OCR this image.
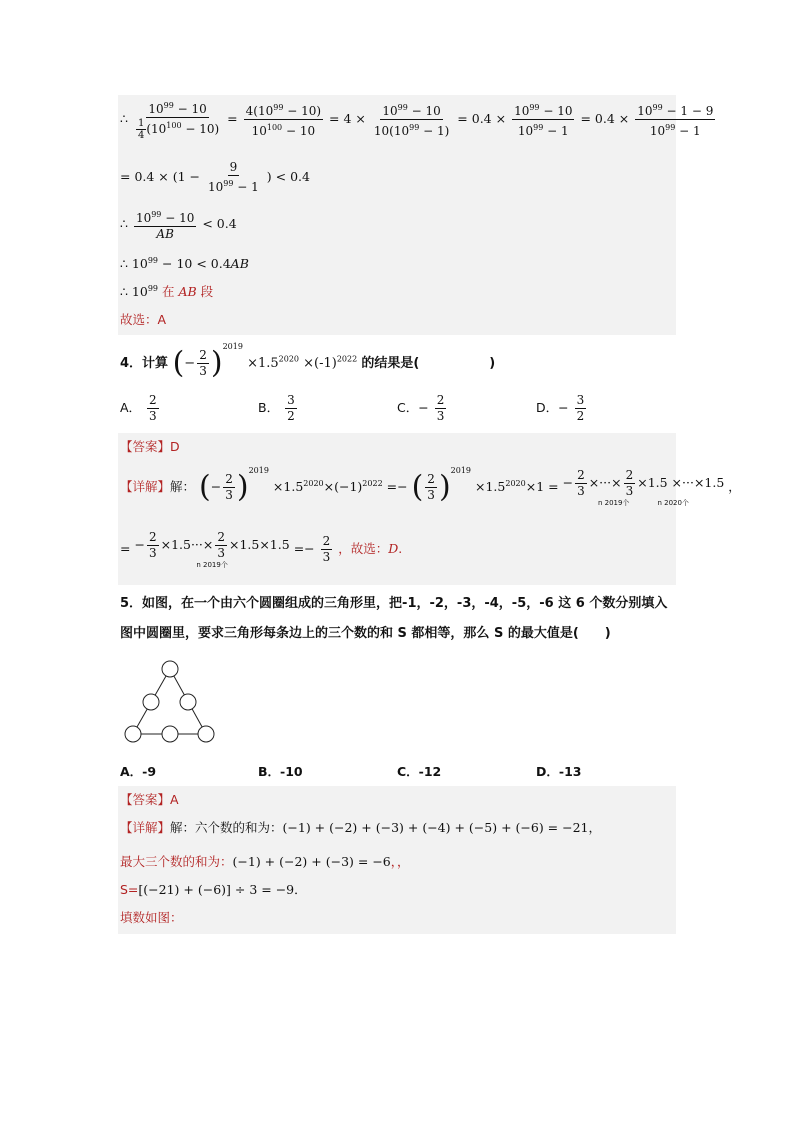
∴ $\frac{10^{99} - 10}{\frac{1}{4} (10^{100} - 10)} = \frac{4(10^{99} - 10)}{10^{100} - 10} = 4 \times \frac{10^{99} - 10}{10(10^{99} - 1)} = 0.4 \times \frac{10^{99} - 10}{10^{99} - 1} = 0.4 \times \frac{10^{99} - 1 - 9}{10^{99} - 1}$
= $0.4 \times (1 - \frac{9}{10^{99} - 1}$ ) < 0.4
∴ $\frac{10^{99} - 10}{AB} < 0.4$
∴ $10^{99} - 10 < 0.4AB$
∴ $10^{99}$ 在 AB 段
故选：A
4．计算 (− $\frac{2}{3} )^{2019} \times 1.5^{2020} \times(-1)^{2022}$ 的结果是(	)
A． $\frac{2}{3}$	B． $\frac{3}{2}$	C．− $\frac{2}{3}$	D．− $\frac{3}{2}$
【答案】D
【详解】解： (− $\frac{2}{3} )^{2019} \times 1.5^{2020}\times(-1)^{2022}$ =− ( $\frac{2}{3} )^{2019} \times 1.5^{2020}\times 1$ = − $\frac{2}{3}$ ×···× $\frac{2}{3} \times 1.5 \times\cdot\cdot\cdot\times 1.5$
n 2019个　　　　	n 2020个
，
= − $\frac{2}{3} \times 1.5\cdot\cdot\cdot\times \frac{2}{3} \times 1.5\times 1.5$
n 2019个
=− $\frac{2}{3}$ ，故选：D.
5．如图，在一个由六个圆圈组成的三角形里，把-1，-2，-3，-4，-5，-6 这 6 个数分别填入
图中圆圈里，要求三角形每条边上的三个数的和 S 都相等，那么 S 的最大值是(　　)
A．-9	B．-10	C．-12	D．-13
【答案】A
【详解】解：六个数的和为：(−1) + (−2) + (−3) + (−4) + (−5) + (−6) = −21，
最大三个数的和为：(−1) + (−2) + (−3) = −6，，
S=[(−21) + (−6)] ÷ 3 = −9．
填数如图：
